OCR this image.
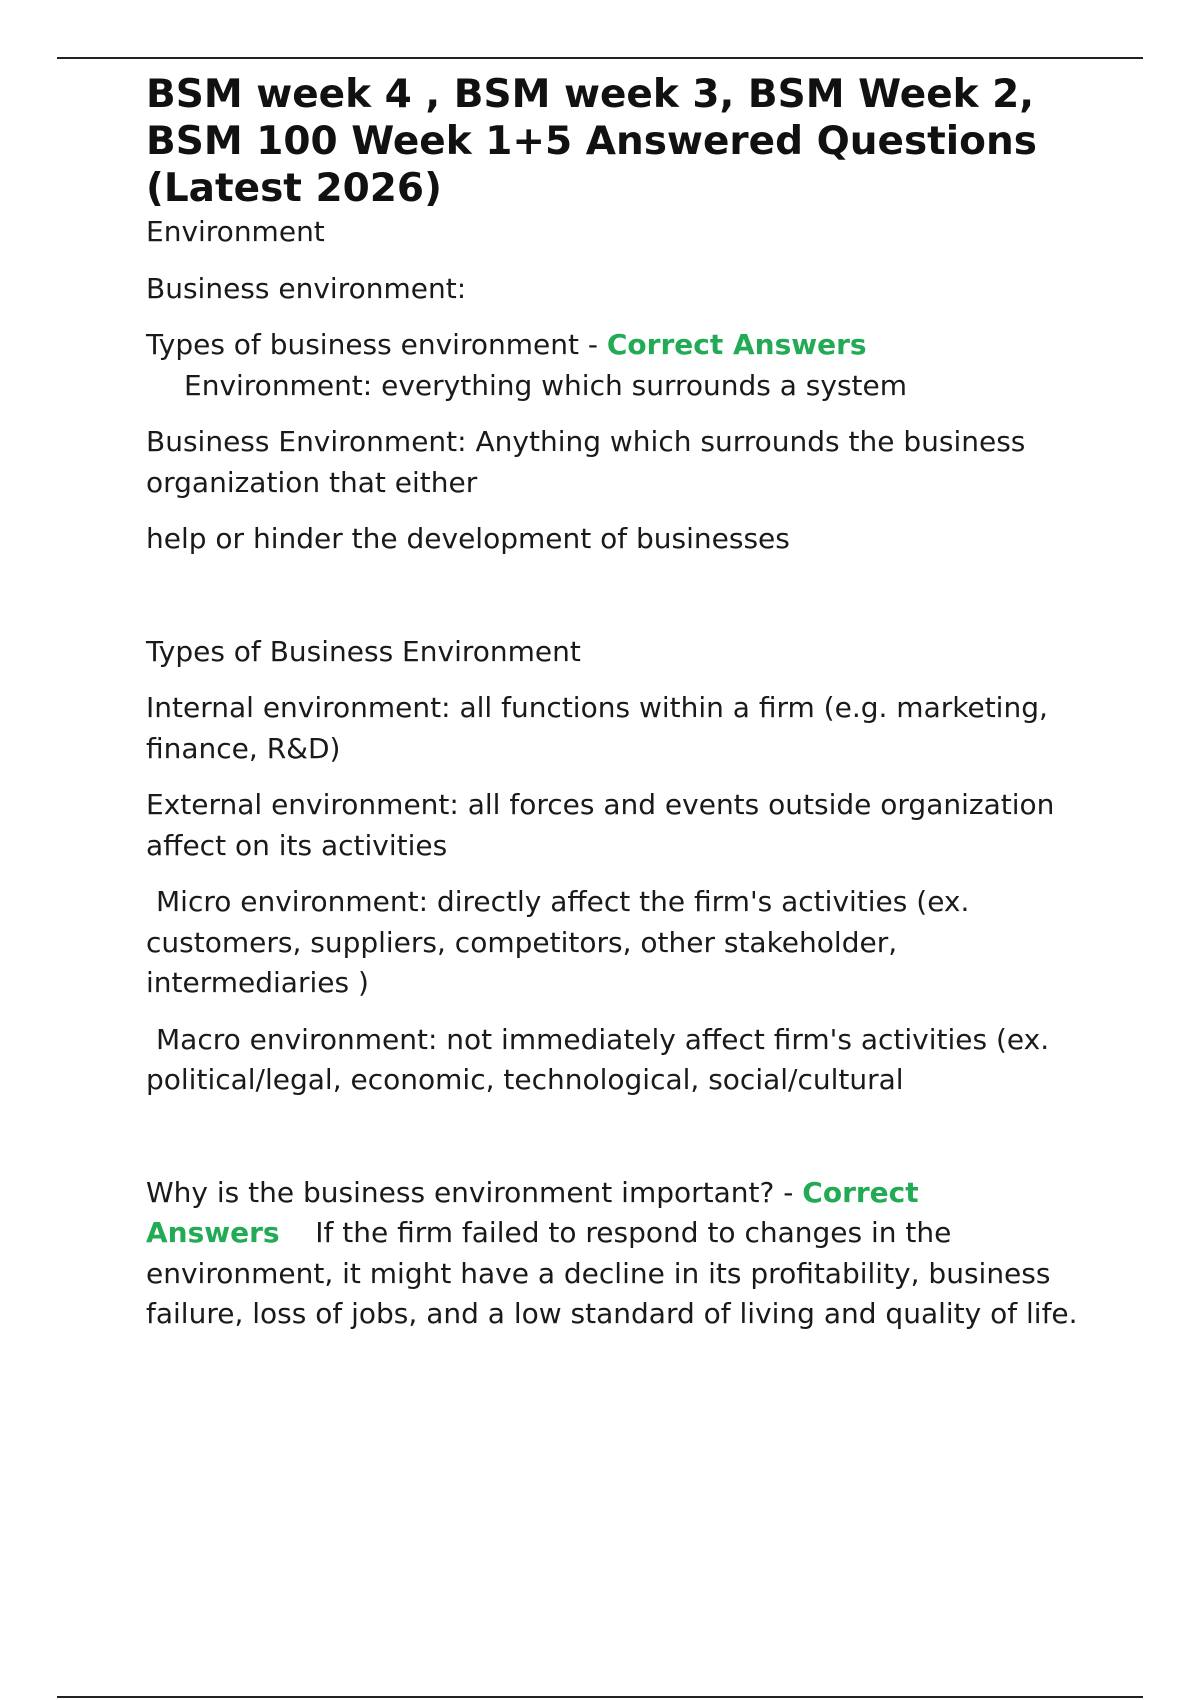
BSM week 4 , BSM week 3, BSM Week 2, BSM 100 Week 1+5 Answered Questions (Latest 2026)

Environment

Business environment:

Types of business environment - Correct Answers

Environment: everything which surrounds a system

Business Environment: Anything which surrounds the business organization that either

help or hinder the development of businesses

Types of Business Environment

Internal environment: all functions within a firm (e.g. marketing, finance, R&D)

External environment: all forces and events outside organization affect on its activities

Micro environment: directly affect the firm's activities (ex. customers, suppliers, competitors, other stakeholder, intermediaries )

Macro environment: not immediately affect firm's activities (ex. political/legal, economic, technological, social/cultural

Why is the business environment important? - Correct Answers If the firm failed to respond to changes in the environment, it might have a decline in its profitability, business failure, loss of jobs, and a low standard of living and quality of life.
